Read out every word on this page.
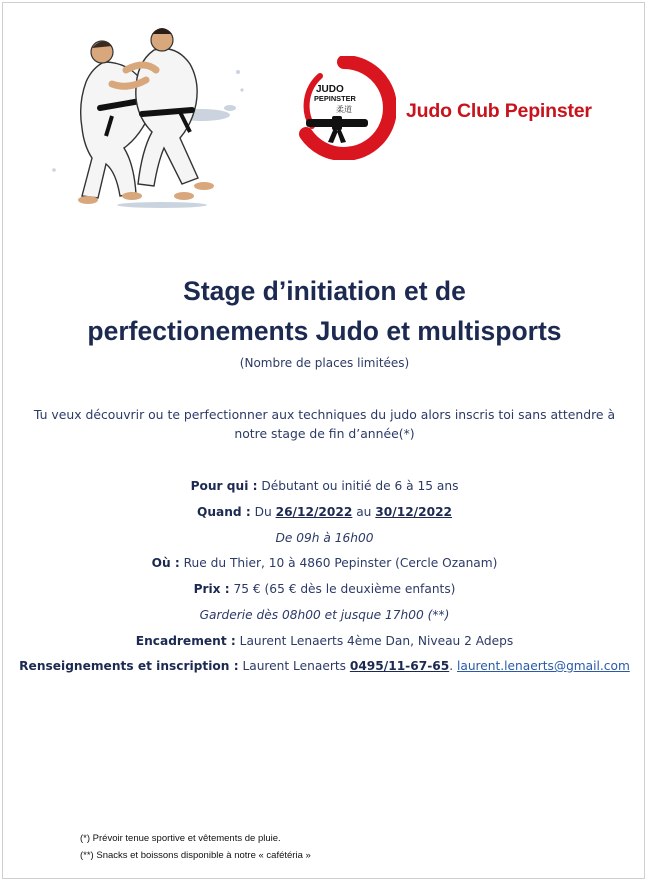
JUDO
PEPINSTER
柔道	Judo Club Pepinster
Stage d’initiation et de
perfectionements Judo et multisports
(Nombre de places limitées)
Tu veux découvrir ou te perfectionner aux techniques du judo alors inscris toi sans attendre à
notre stage de fin d’année(*)
Pour qui : Débutant ou initié de 6 à 15 ans
Quand : Du 26/12/2022 au 30/12/2022
De 09h à 16h00
Où : Rue du Thier, 10 à 4860 Pepinster (Cercle Ozanam)
Prix : 75 € (65 € dès le deuxième enfants)
Garderie dès 08h00 et jusque 17h00 (**)
Encadrement : Laurent Lenaerts 4ème Dan, Niveau 2 Adeps
Renseignements et inscription : Laurent Lenaerts 0495/11-67-65. laurent.lenaerts@gmail.com
(*) Prévoir tenue sportive et vêtements de pluie.
(**) Snacks et boissons disponible à notre « cafétéria »
